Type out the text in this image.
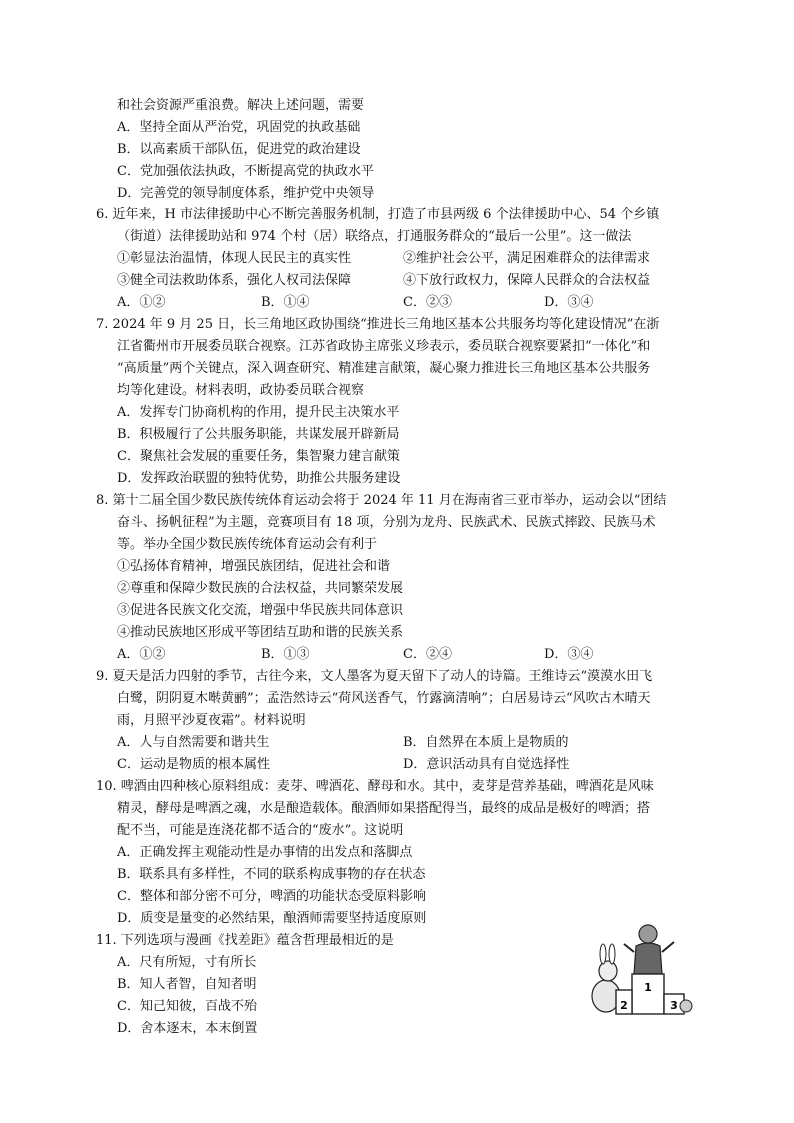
和社会资源严重浪费。解决上述问题，需要
A．坚持全面从严治党，巩固党的执政基础
B．以高素质干部队伍，促进党的政治建设
C．党加强依法执政，不断提高党的执政水平
D．完善党的领导制度体系，维护党中央领导
6. 近年来，H 市法律援助中心不断完善服务机制，打造了市县两级 6 个法律援助中心、54 个乡镇
（街道）法律援助站和 974 个村（居）联络点，打通服务群众的“最后一公里”。这一做法
①彰显法治温情，体现人民民主的真实性	②维护社会公平，满足困难群众的法律需求
③健全司法救助体系，强化人权司法保障	④下放行政权力，保障人民群众的合法权益
A．①②	B．①④	C．②③	D．③④
7. 2024 年 9 月 25 日，长三角地区政协围绕“推进长三角地区基本公共服务均等化建设情况”在浙
江省衢州市开展委员联合视察。江苏省政协主席张义珍表示，委员联合视察要紧扣“一体化”和
“高质量”两个关键点，深入调查研究、精准建言献策，凝心聚力推进长三角地区基本公共服务
均等化建设。材料表明，政协委员联合视察
A．发挥专门协商机构的作用，提升民主决策水平
B．积极履行了公共服务职能，共谋发展开辟新局
C．聚焦社会发展的重要任务，集智聚力建言献策
D．发挥政治联盟的独特优势，助推公共服务建设
8. 第十二届全国少数民族传统体育运动会将于 2024 年 11 月在海南省三亚市举办，运动会以“团结
奋斗、扬帆征程”为主题，竞赛项目有 18 项，分别为龙舟、民族武术、民族式摔跤、民族马术
等。举办全国少数民族传统体育运动会有利于
①弘扬体育精神，增强民族团结，促进社会和谐
②尊重和保障少数民族的合法权益，共同繁荣发展
③促进各民族文化交流，增强中华民族共同体意识
④推动民族地区形成平等团结互助和谐的民族关系
A．①②	B．①③	C．②④	D．③④
9. 夏天是活力四射的季节，古往今来，文人墨客为夏天留下了动人的诗篇。王维诗云“漠漠水田飞
白鹭，阴阴夏木啭黄鹂”；孟浩然诗云“荷风送香气，竹露滴清响”；白居易诗云“风吹古木晴天
雨，月照平沙夏夜霜”。材料说明
A．人与自然需要和谐共生	B．自然界在本质上是物质的
C．运动是物质的根本属性	D．意识活动具有自觉选择性
10. 啤酒由四种核心原料组成：麦芽、啤酒花、酵母和水。其中，麦芽是营养基础，啤酒花是风味
精灵，酵母是啤酒之魂，水是酿造载体。酿酒师如果搭配得当，最终的成品是极好的啤酒；搭
配不当，可能是连浇花都不适合的“废水”。这说明
A．正确发挥主观能动性是办事情的出发点和落脚点
B．联系具有多样性，不同的联系构成事物的存在状态
C．整体和部分密不可分，啤酒的功能状态受原料影响
D．质变是量变的必然结果，酿酒师需要坚持适度原则
11. 下列选项与漫画《找差距》蕴含哲理最相近的是
A．尺有所短，寸有所长
B．知人者智，自知者明
C．知己知彼，百战不殆
D．舍本逐末，本末倒置
1
2	3
